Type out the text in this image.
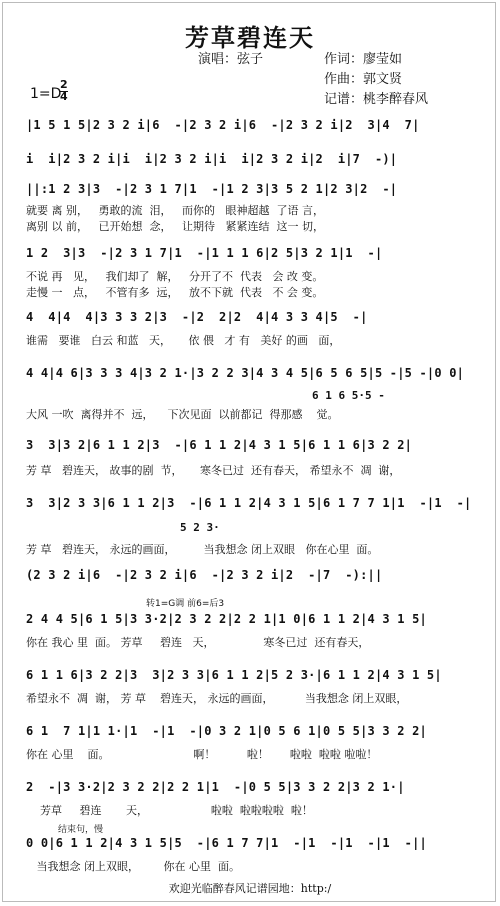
芳草碧连天
演唱：弦子	作词：廖莹如
作曲：郭文贤
记谱：桃李醉春风
1=D
2
4
|1 5 1 5|2 3 2 i|6  -|2 3 2 i|6  -|2 3 2 i|2  3|4  7|
i  i|2 3 2 i|i  i|2 3 2 i|i  i|2 3 2 i|2  i|7  -)|
||:1 2 3|3  -|2 3 1 7|1  -|1 2 3|3 5 2 1|2 3|2  -|
就要 离 别，   勇敢的流  泪，   而你的   眼神超越  了语 言，
离别 以 前，   已开始想  念，   让期待   紧紧连结  这一 切，
1 2  3|3  -|2 3 1 7|1  -|1 1 1 6|2 5|3 2 1|1  -|
不说 再   见，   我们却了  解，   分开了不  代表   会 改 变。
走慢 一   点，   不管有多  远，   放不下就  代表   不 会 变。
4  4|4  4|3 3 3 2|3  -|2  2|2  4|4 3 3 4|5  -|
谁需   要谁   白云 和蓝   天，     依 偎   才 有   美好 的画   面，
4 4|4 6|3 3 3 4|3 2 1·|3 2 2 3|4 3 4 5|6 5 6 5|5 -|5 -|0 0|
6 1 6 5·5 -
大风 一吹  离得并不  远，    下次见面  以前都记  得那感    觉。
3  3|3 2|6 1 1 2|3  -|6 1 1 2|4 3 1 5|6 1 1 6|3 2 2|
芳 草   碧连天， 故事的剧  节，     寒冬已过  还有春天， 希望永不  凋  谢，
3  3|2 3 3|6 1 1 2|3  -|6 1 1 2|4 3 1 5|6 1 7 7 1|1  -|1  -|
5 2 3·
芳 草   碧连天， 永远的画面，        当我想念 闭上双眼   你在心里  面。
(2 3 2 i|6  -|2 3 2 i|6  -|2 3 2 i|2  -|7  -):||
转1=G调 前6=后3
2 4 4 5|6 1 5|3 3·2|2 3 2 2|2 2 1|1 0|6 1 1 2|4 3 1 5|
你在 我心 里  面。 芳草     碧连   天，              寒冬已过  还有春天，
6 1 1 6|3 2 2|3  3|2 3 3|6 1 1 2|5 2 3·|6 1 1 2|4 3 1 5|
希望永不  凋  谢， 芳 草    碧连天， 永远的画面，         当我想念 闭上双眼，
6 1  7 1|1 1·|1  -|1  -|0 3 2 1|0 5 6 1|0 5 5|3 3 2 2|
你在 心里    面。                        啊！         啦！      啦啦  啦啦 啦啦！
2  -|3 3·2|2 3 2 2|2 2 1|1  -|0 5 5|3 3 2 2|3 2 1·|
芳草     碧连       天，                  啦啦  啦啦啦啦  啦！
结束句，慢
0 0|6 1 1 2|4 3 1 5|5  -|6 1 7 7|1  -|1  -|1  -|1  -||
当我想念 闭上双眼，       你在 心里  面。
欢迎光临醉春风记谱园地：http:/
